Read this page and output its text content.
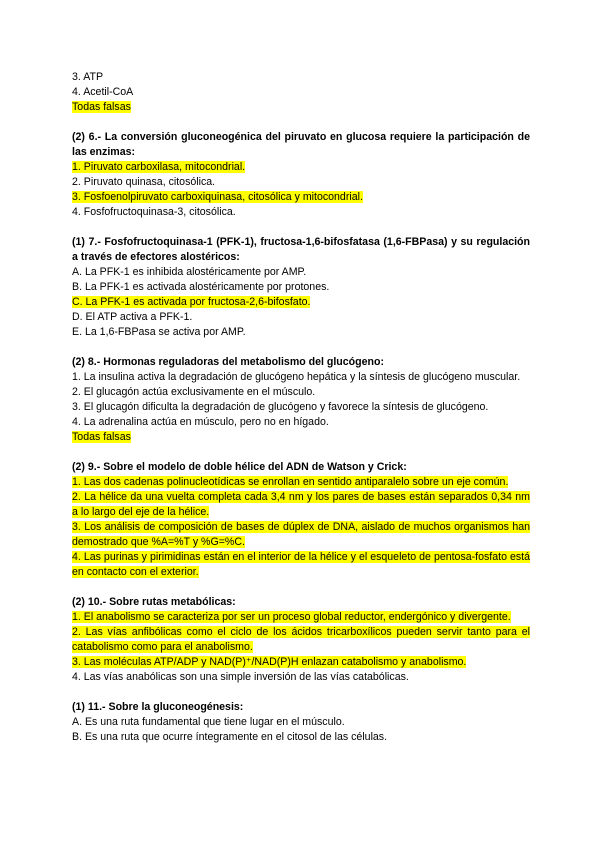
3. ATP
4. Acetil-CoA
Todas falsas
(2) 6.- La conversión gluconeogénica del piruvato en glucosa requiere la participación de las enzimas:
1. Piruvato carboxilasa, mitocondrial.
2. Piruvato quinasa, citosólica.
3. Fosfoenolpiruvato carboxiquinasa, citosólica y mitocondrial.
4. Fosfofructoquinasa-3, citosólica.
(1) 7.- Fosfofructoquinasa-1 (PFK-1), fructosa-1,6-bifosfatasa (1,6-FBPasa) y su regulación a través de efectores alostéricos:
A. La PFK-1 es inhibida alostéricamente por AMP.
B. La PFK-1 es activada alostéricamente por protones.
C. La PFK-1 es activada por fructosa-2,6-bifosfato.
D. El ATP activa a PFK-1.
E. La 1,6-FBPasa se activa por AMP.
(2) 8.- Hormonas reguladoras del metabolismo del glucógeno:
1. La insulina activa la degradación de glucógeno hepática y la síntesis de glucógeno muscular.
2. El glucagón actúa exclusivamente en el músculo.
3. El glucagón dificulta la degradación de glucógeno y favorece la síntesis de glucógeno.
4. La adrenalina actúa en músculo, pero no en hígado.
Todas falsas
(2) 9.- Sobre el modelo de doble hélice del ADN de Watson y Crick:
1. Las dos cadenas polinucleotídicas se enrollan en sentido antiparalelo sobre un eje común.
2. La hélice da una vuelta completa cada 3,4 nm y los pares de bases están separados 0,34 nm a lo largo del eje de la hélice.
3. Los análisis de composición de bases de dúplex de DNA, aislado de muchos organismos han demostrado que %A=%T y %G=%C.
4. Las purinas y pirimidinas están en el interior de la hélice y el esqueleto de pentosa-fosfato está en contacto con el exterior.
(2) 10.- Sobre rutas metabólicas:
1. El anabolismo se caracteriza por ser un proceso global reductor, endergónico y divergente.
2. Las vías anfibólicas como el ciclo de los ácidos tricarboxílicos pueden servir tanto para el catabolismo como para el anabolismo.
3. Las moléculas ATP/ADP y NAD(P)⁺/NAD(P)H enlazan catabolismo y anabolismo.
4. Las vías anabólicas son una simple inversión de las vías catabólicas.
(1) 11.- Sobre la gluconeogénesis:
A. Es una ruta fundamental que tiene lugar en el músculo.
B. Es una ruta que ocurre íntegramente en el citosol de las células.
